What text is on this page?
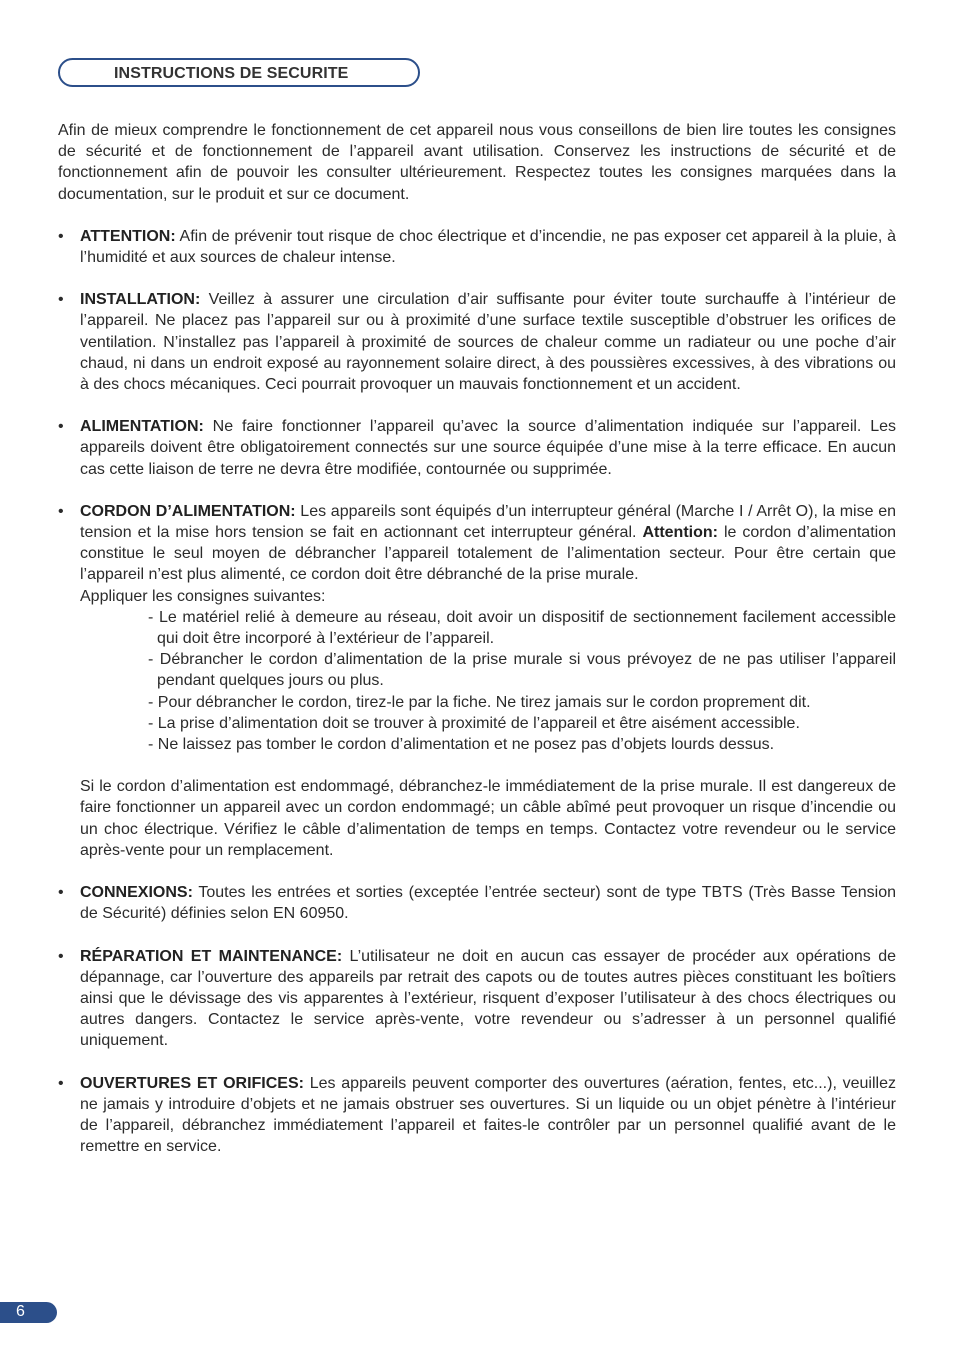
INSTRUCTIONS DE SECURITE

Afin de mieux comprendre le fonctionnement de cet appareil nous vous conseillons de bien lire toutes les consignes de sécurité et de fonctionnement de l’appareil avant utilisation. Conservez les instructions de sécurité et de fonctionnement afin de pouvoir les consulter ultérieurement. Respectez toutes les consignes marquées dans la documentation, sur le produit et sur ce document.

• ATTENTION: Afin de prévenir tout risque de choc électrique et d’incendie, ne pas exposer cet appareil à la pluie, à l’humidité et aux sources de chaleur intense.

• INSTALLATION: Veillez à assurer une circulation d’air suffisante pour éviter toute surchauffe à l’intérieur de l’appareil. Ne placez pas l’appareil sur ou à proximité d’une surface textile susceptible d’obstruer les orifices de ventilation. N’installez pas l’appareil à proximité de sources de chaleur comme un radiateur ou une poche d’air chaud, ni dans un endroit exposé au rayonnement solaire direct, à des poussières excessives, à des vibrations ou à des chocs mécaniques. Ceci pourrait provoquer un mauvais fonctionnement et un accident.

• ALIMENTATION: Ne faire fonctionner l’appareil qu’avec la source d’alimentation indiquée sur l’appareil. Les appareils doivent être obligatoirement connectés sur une source équipée d’une mise à la terre efficace. En aucun cas cette liaison de terre ne devra être modifiée, contournée ou supprimée.

• CORDON D’ALIMENTATION: Les appareils sont équipés d’un interrupteur général (Marche I / Arrêt O), la mise en tension et la mise hors tension se fait en actionnant cet interrupteur général. Attention: le cordon d’alimentation constitue le seul moyen de débrancher l’appareil totalement de l’alimentation secteur. Pour être certain que l’appareil n’est plus alimenté, ce cordon doit être débranché de la prise murale.

Appliquer les consignes suivantes:

- Le matériel relié à demeure au réseau, doit avoir un dispositif de sectionnement facilement accessible qui doit être incorporé à l’extérieur de l’appareil.
- Débrancher le cordon d’alimentation de la prise murale si vous prévoyez de ne pas utiliser l’appareil pendant quelques jours ou plus.
- Pour débrancher le cordon, tirez-le par la fiche. Ne tirez jamais sur le cordon proprement dit.
- La prise d’alimentation doit se trouver à proximité de l’appareil et être aisément accessible.
- Ne laissez pas tomber le cordon d’alimentation et ne posez pas d’objets lourds dessus.

Si le cordon d’alimentation est endommagé, débranchez-le immédiatement de la prise murale. Il est dangereux de faire fonctionner un appareil avec un cordon endommagé; un câble abîmé peut provoquer un risque d’incendie ou un choc électrique. Vérifiez le câble d’alimentation de temps en temps. Contactez votre revendeur ou le service après-vente pour un remplacement.

• CONNEXIONS: Toutes les entrées et sorties (exceptée l’entrée secteur) sont de type TBTS (Très Basse Tension de Sécurité) définies selon EN 60950.

• RÉPARATION ET MAINTENANCE: L’utilisateur ne doit en aucun cas essayer de procéder aux opérations de dépannage, car l’ouverture des appareils par retrait des capots ou de toutes autres pièces constituant les boîtiers ainsi que le dévissage des vis apparentes à l’extérieur, risquent d’exposer l’utilisateur à des chocs électriques ou autres dangers. Contactez le service après-vente, votre revendeur ou s’adresser à un personnel qualifié uniquement.

• OUVERTURES ET ORIFICES: Les appareils peuvent comporter des ouvertures (aération, fentes, etc...), veuillez ne jamais y introduire d’objets et ne jamais obstruer ses ouvertures. Si un liquide ou un objet pénètre à l’intérieur de l’appareil, débranchez immédiatement l’appareil et faites-le contrôler par un personnel qualifié avant de le remettre en service.

6
